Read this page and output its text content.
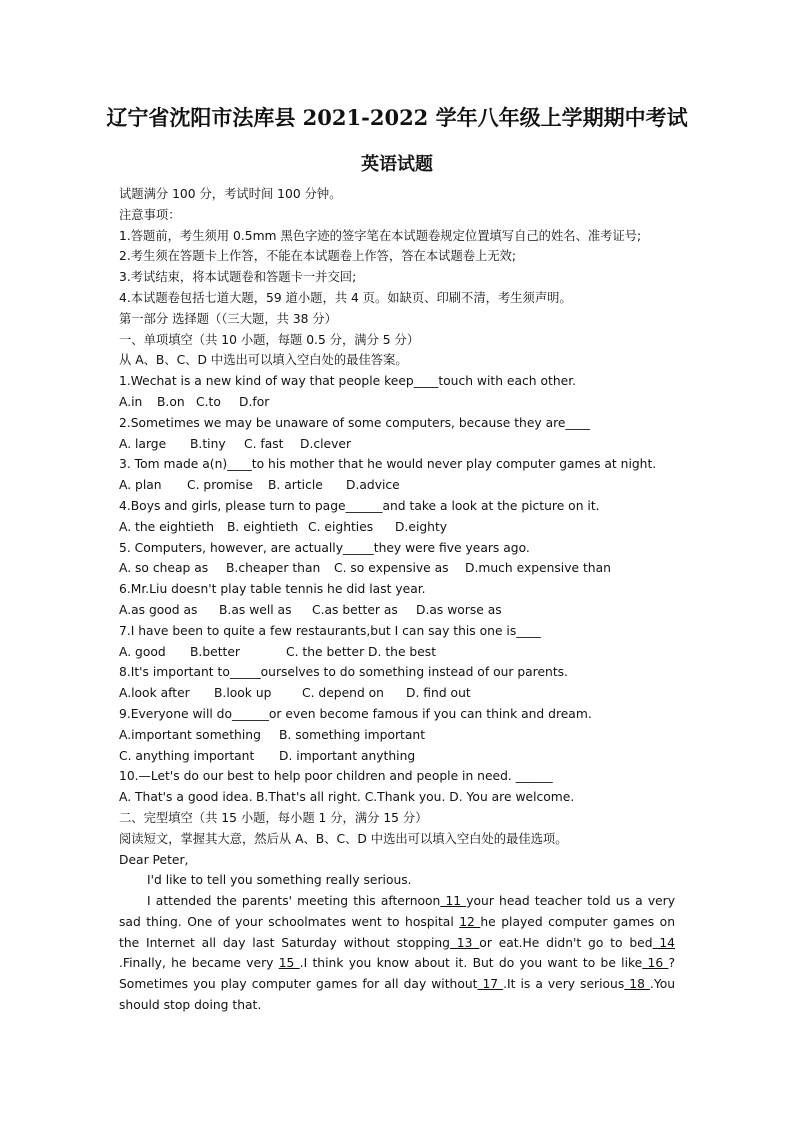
辽宁省沈阳市法库县 2021-2022 学年八年级上学期期中考试
英语试题

试题满分 100 分，考试时间 100 分钟。

注意事项：

1.答题前，考生须用 0.5mm 黑色字迹的签字笔在本试题卷规定位置填写自己的姓名、准考证号;

2.考生须在答题卡上作答，不能在本试题卷上作答，答在本试题卷上无效;

3.考试结束，将本试题卷和答题卡一并交回;

4.本试题卷包括七道大题，59 道小题，共 4 页。如缺页、印刷不清，考生须声明。

第一部分 选择题（（三大题，共 38 分）

一、单项填空（共 10 小题，每题 0.5 分，满分 5 分）

从 A、B、C、D 中选出可以填入空白处的最佳答案。

1.Wechat is a new kind of way that people keep____touch with each other.

A.in	B.on C.to	D.for

2.Sometimes we may be unaware of some computers, because they are____

A. large	B.tiny	C. fast	D.clever

3. Tom made a(n)____to his mother that he would never play computer games at night.

A. plan	C. promise	B. article	D.advice

4.Boys and girls, please turn to page______and take a look at the picture on it.

A. the eightieth	B. eightieth C. eighties	D.eighty

5. Computers, however, are actually_____they were five years ago.

A. so cheap as	B.cheaper than	C. so expensive as	D.much expensive than

6.Mr.Liu doesn't play table tennis he did last year.

A.as good as	B.as well as	C.as better as	D.as worse as

7.I have been to quite a few restaurants,but I can say this one is____

A. good	B.better	C. the better D. the best

8.It's important to_____ourselves to do something instead of our parents.

A.look after	B.look up	C. depend on	D. find out

9.Everyone will do______or even become famous if you can think and dream.

A.important something	B. something important

C. anything important	D. important anything

10.—Let's do our best to help poor children and people in need. ______

A. That's a good idea. B.That's all right. C.Thank you. D. You are welcome.

二、完型填空（共 15 小题，每小题 1 分，满分 15 分）

阅读短文，掌握其大意，然后从 A、B、C、D 中选出可以填入空白处的最佳选项。

Dear Peter,

I'd like to tell you something really serious.

I attended the parents' meeting this afternoon 11 your head teacher told us a very sad thing. One of your schoolmates went to hospital 12 he played computer games on the Internet all day last Saturday without stopping 13 or eat.He didn't go to bed 14 .Finally, he became very 15 .I think you know about it. But do you want to be like 16 ? Sometimes you play computer games for all day without 17 .It is a very serious 18 .You should stop doing that.
